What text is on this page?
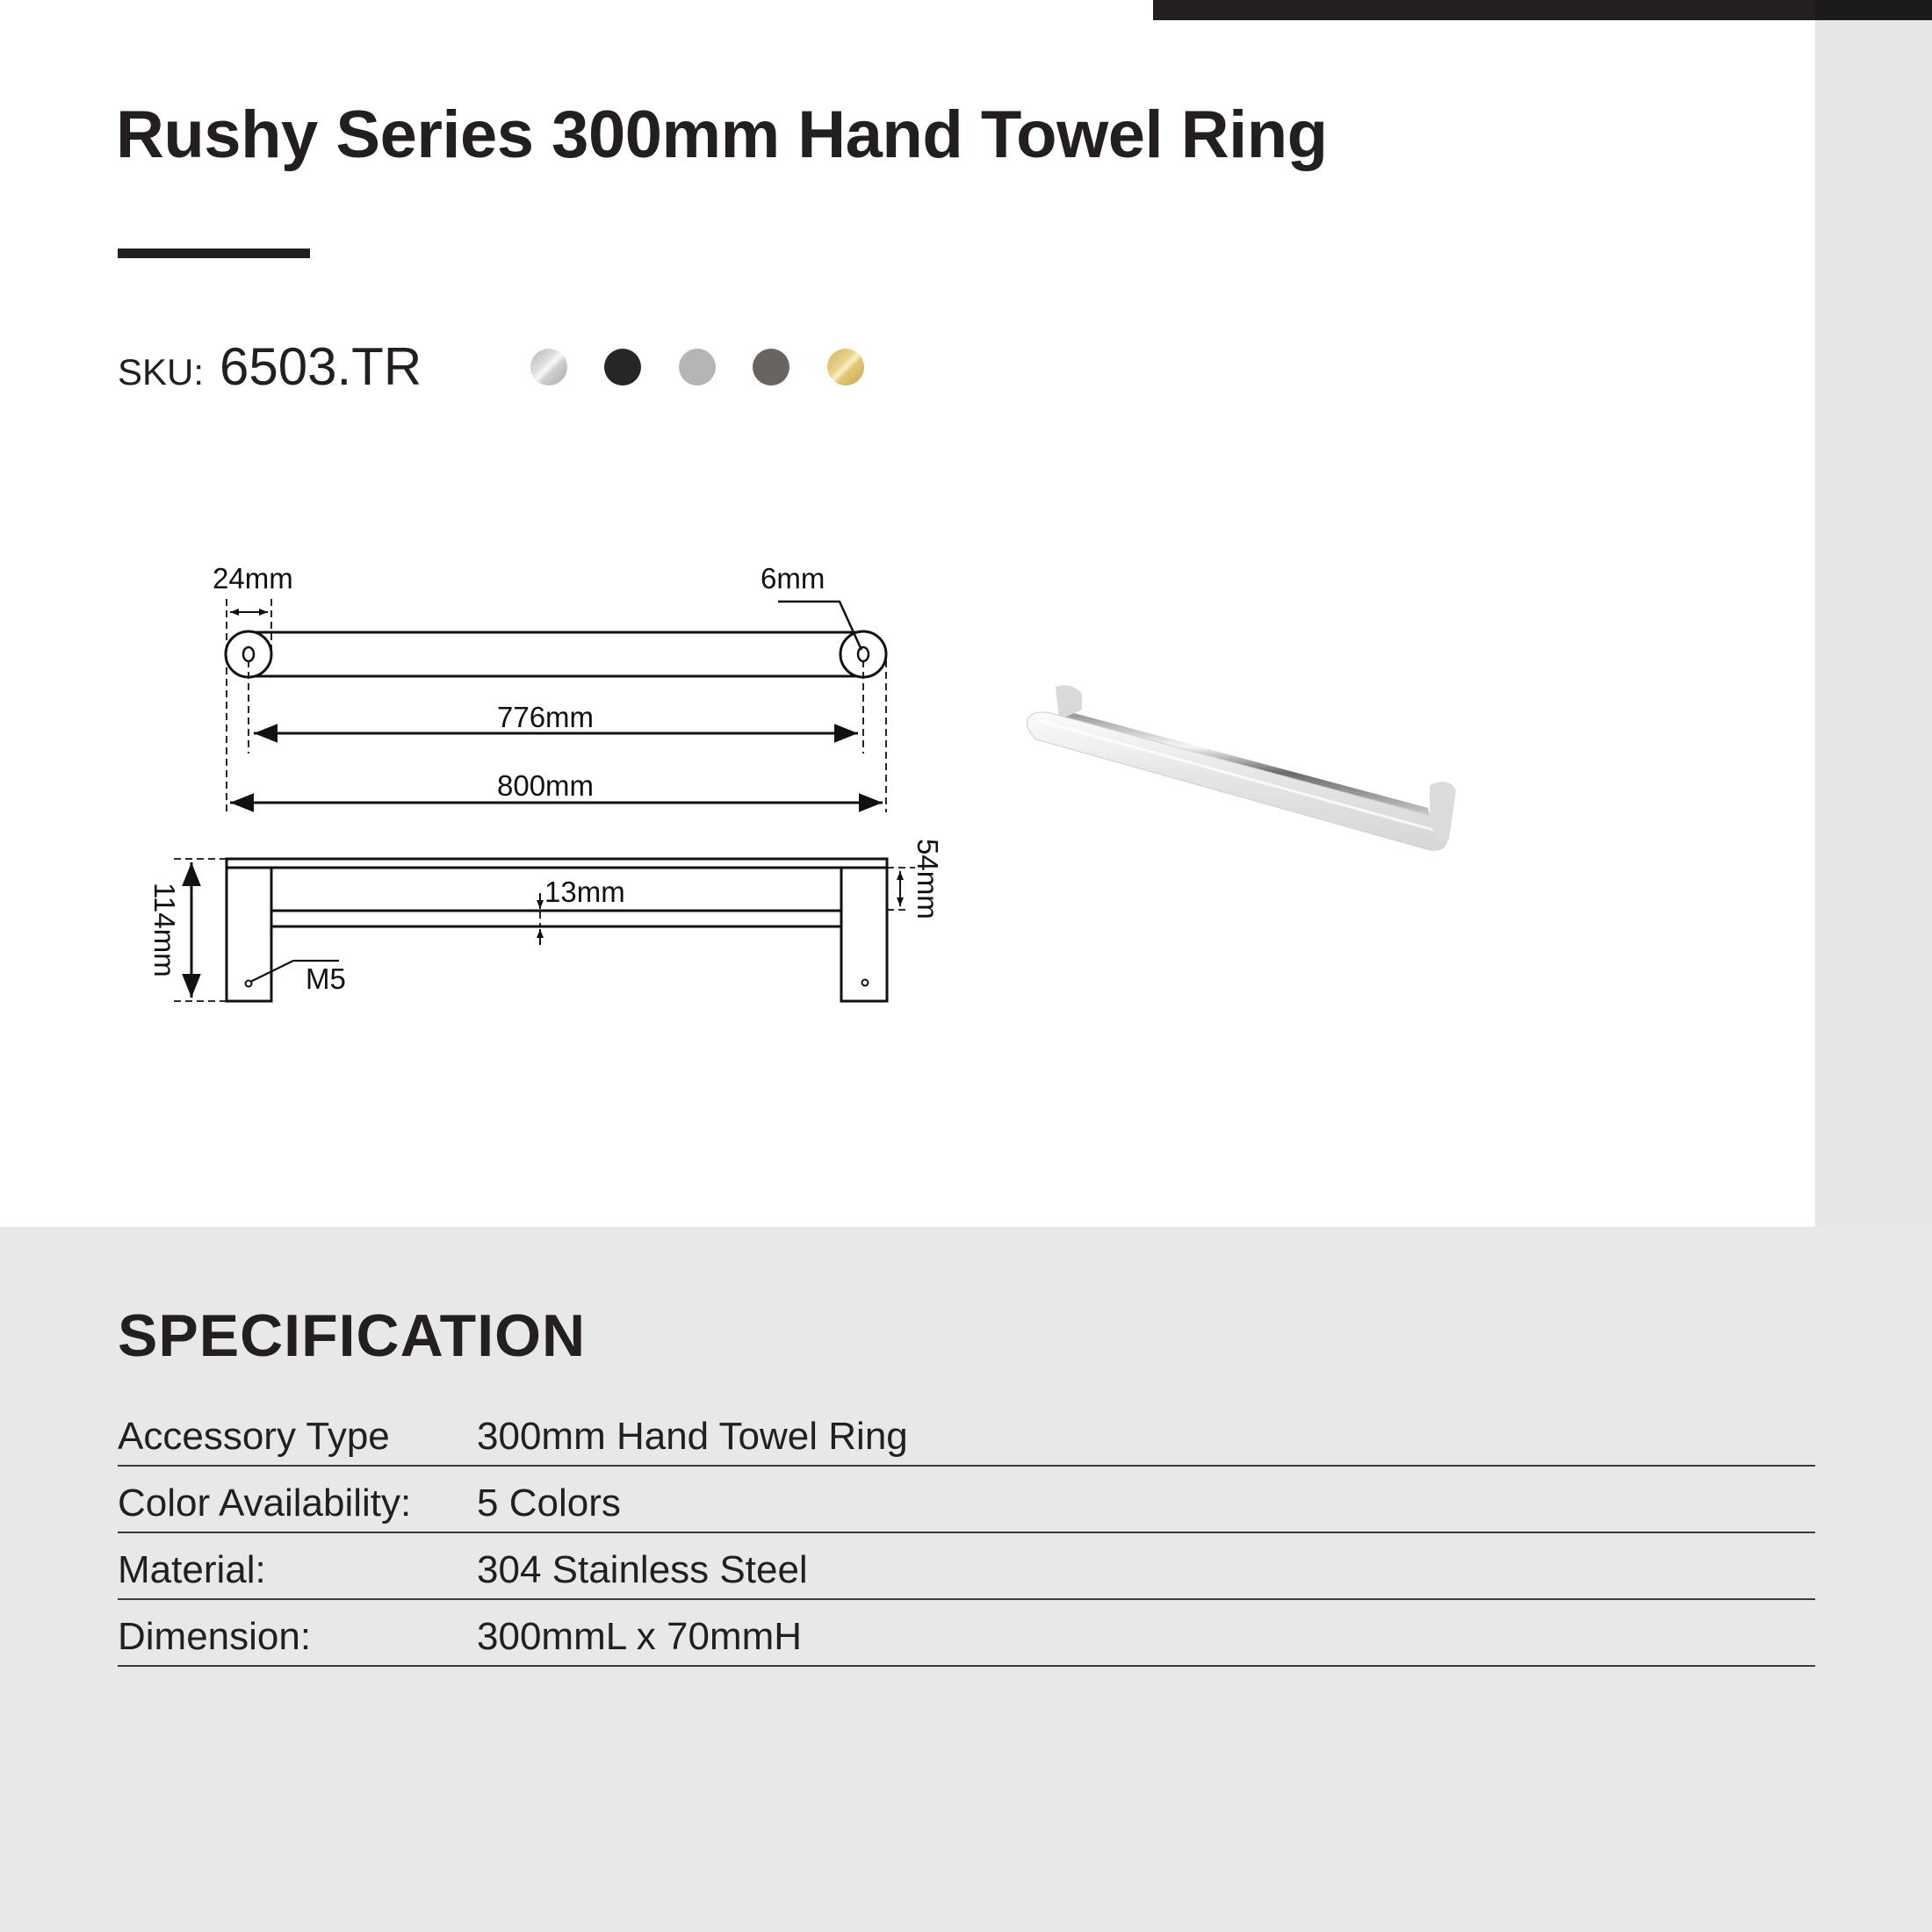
Rushy Series 300mm Hand Towel Ring
SKU: 6503.TR
24mm	6mm
776mm
800mm
13mm
M5
114mm
54mm
SPECIFICATION
Accessory Type 300mm Hand Towel Ring
Color Availability: 5 Colors
Material:	304 Stainless Steel
Dimension:	300mmL x 70mmH
